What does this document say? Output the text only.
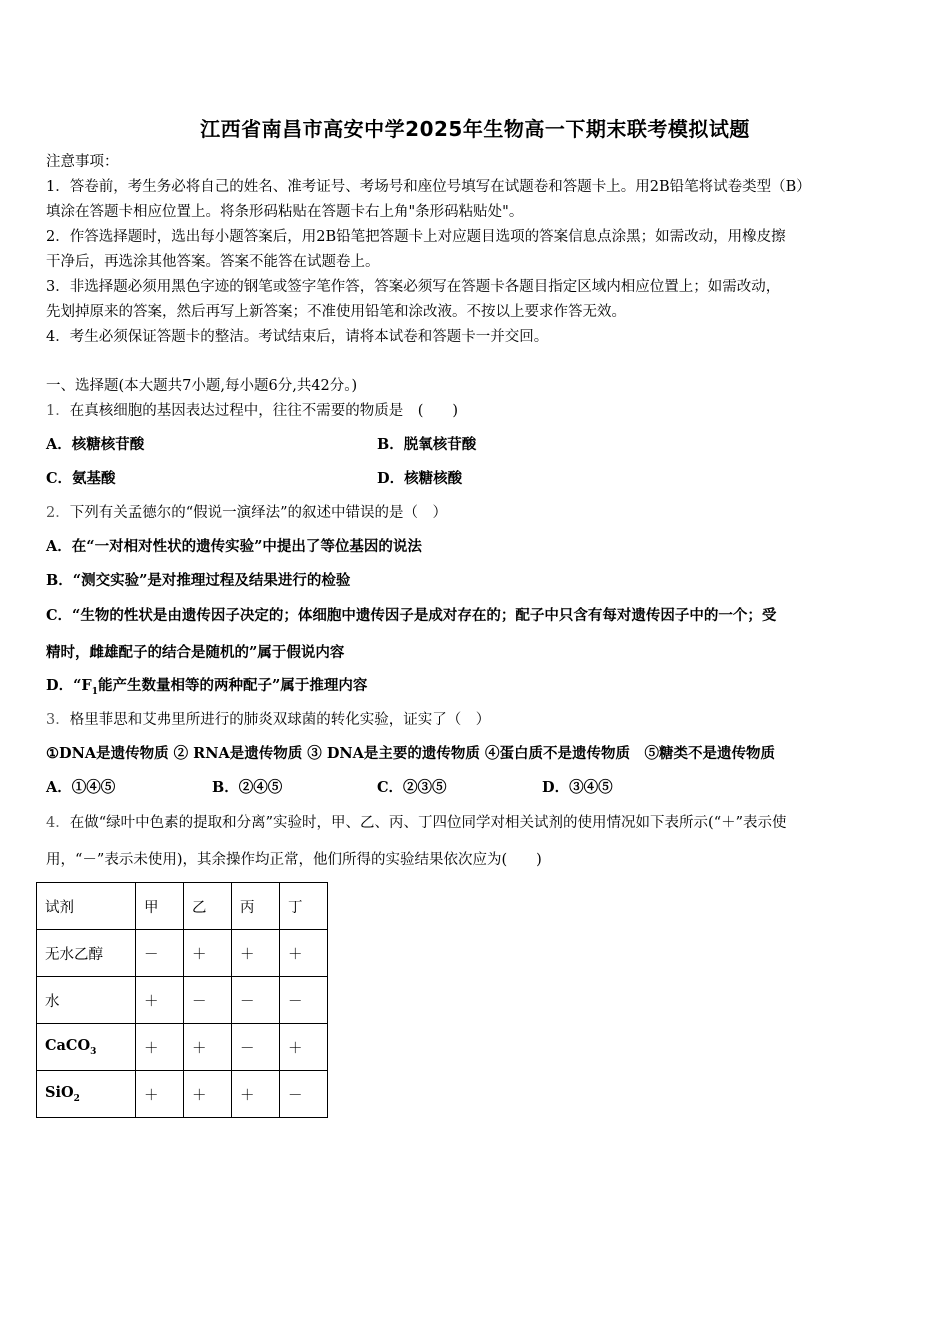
江西省南昌市高安中学2025年生物高一下期末联考模拟试题
注意事项：
1．答卷前，考生务必将自己的姓名、准考证号、考场号和座位号填写在试题卷和答题卡上。用2B铅笔将试卷类型（B）
填涂在答题卡相应位置上。将条形码粘贴在答题卡右上角"条形码粘贴处"。
2．作答选择题时，选出每小题答案后，用2B铅笔把答题卡上对应题目选项的答案信息点涂黑；如需改动，用橡皮擦
干净后，再选涂其他答案。答案不能答在试题卷上。
3．非选择题必须用黑色字迹的钢笔或签字笔作答，答案必须写在答题卡各题目指定区域内相应位置上；如需改动，
先划掉原来的答案，然后再写上新答案；不准使用铅笔和涂改液。不按以上要求作答无效。
4．考生必须保证答题卡的整洁。考试结束后，请将本试卷和答题卡一并交回。
一、选择题(本大题共7小题,每小题6分,共42分。)
1．在真核细胞的基因表达过程中，往往不需要的物质是　(　　)
A．核糖核苷酸	B．脱氧核苷酸
C．氨基酸	D．核糖核酸
2．下列有关孟德尔的“假说一演绎法”的叙述中错误的是（　）
A．在“一对相对性状的遗传实验”中提出了等位基因的说法
B．“测交实验”是对推理过程及结果进行的检验
C．“生物的性状是由遗传因子决定的；体细胞中遗传因子是成对存在的；配子中只含有每对遗传因子中的一个；受
精时，雌雄配子的结合是随机的”属于假说内容
D．“$F_1$能产生数量相等的两种配子”属于推理内容
3．格里菲思和艾弗里所进行的肺炎双球菌的转化实验，证实了（　）
①DNA是遗传物质 ② RNA是遗传物质 ③ DNA是主要的遗传物质 ④蛋白质不是遗传物质　⑤糖类不是遗传物质
A．①④⑤	B．②④⑤	C．②③⑤	D．③④⑤
4．在做“绿叶中色素的提取和分离”实验时，甲、乙、丙、丁四位同学对相关试剂的使用情况如下表所示(“＋”表示使
用，“－”表示未使用)，其余操作均正常，他们所得的实验结果依次应为(　　)
试剂	甲	乙	丙	丁
无水乙醇	－	＋	＋	＋
水	＋	－	－	－
CaCO$_3$	＋	＋	－	＋
SiO$_2$	＋	＋	＋	－
